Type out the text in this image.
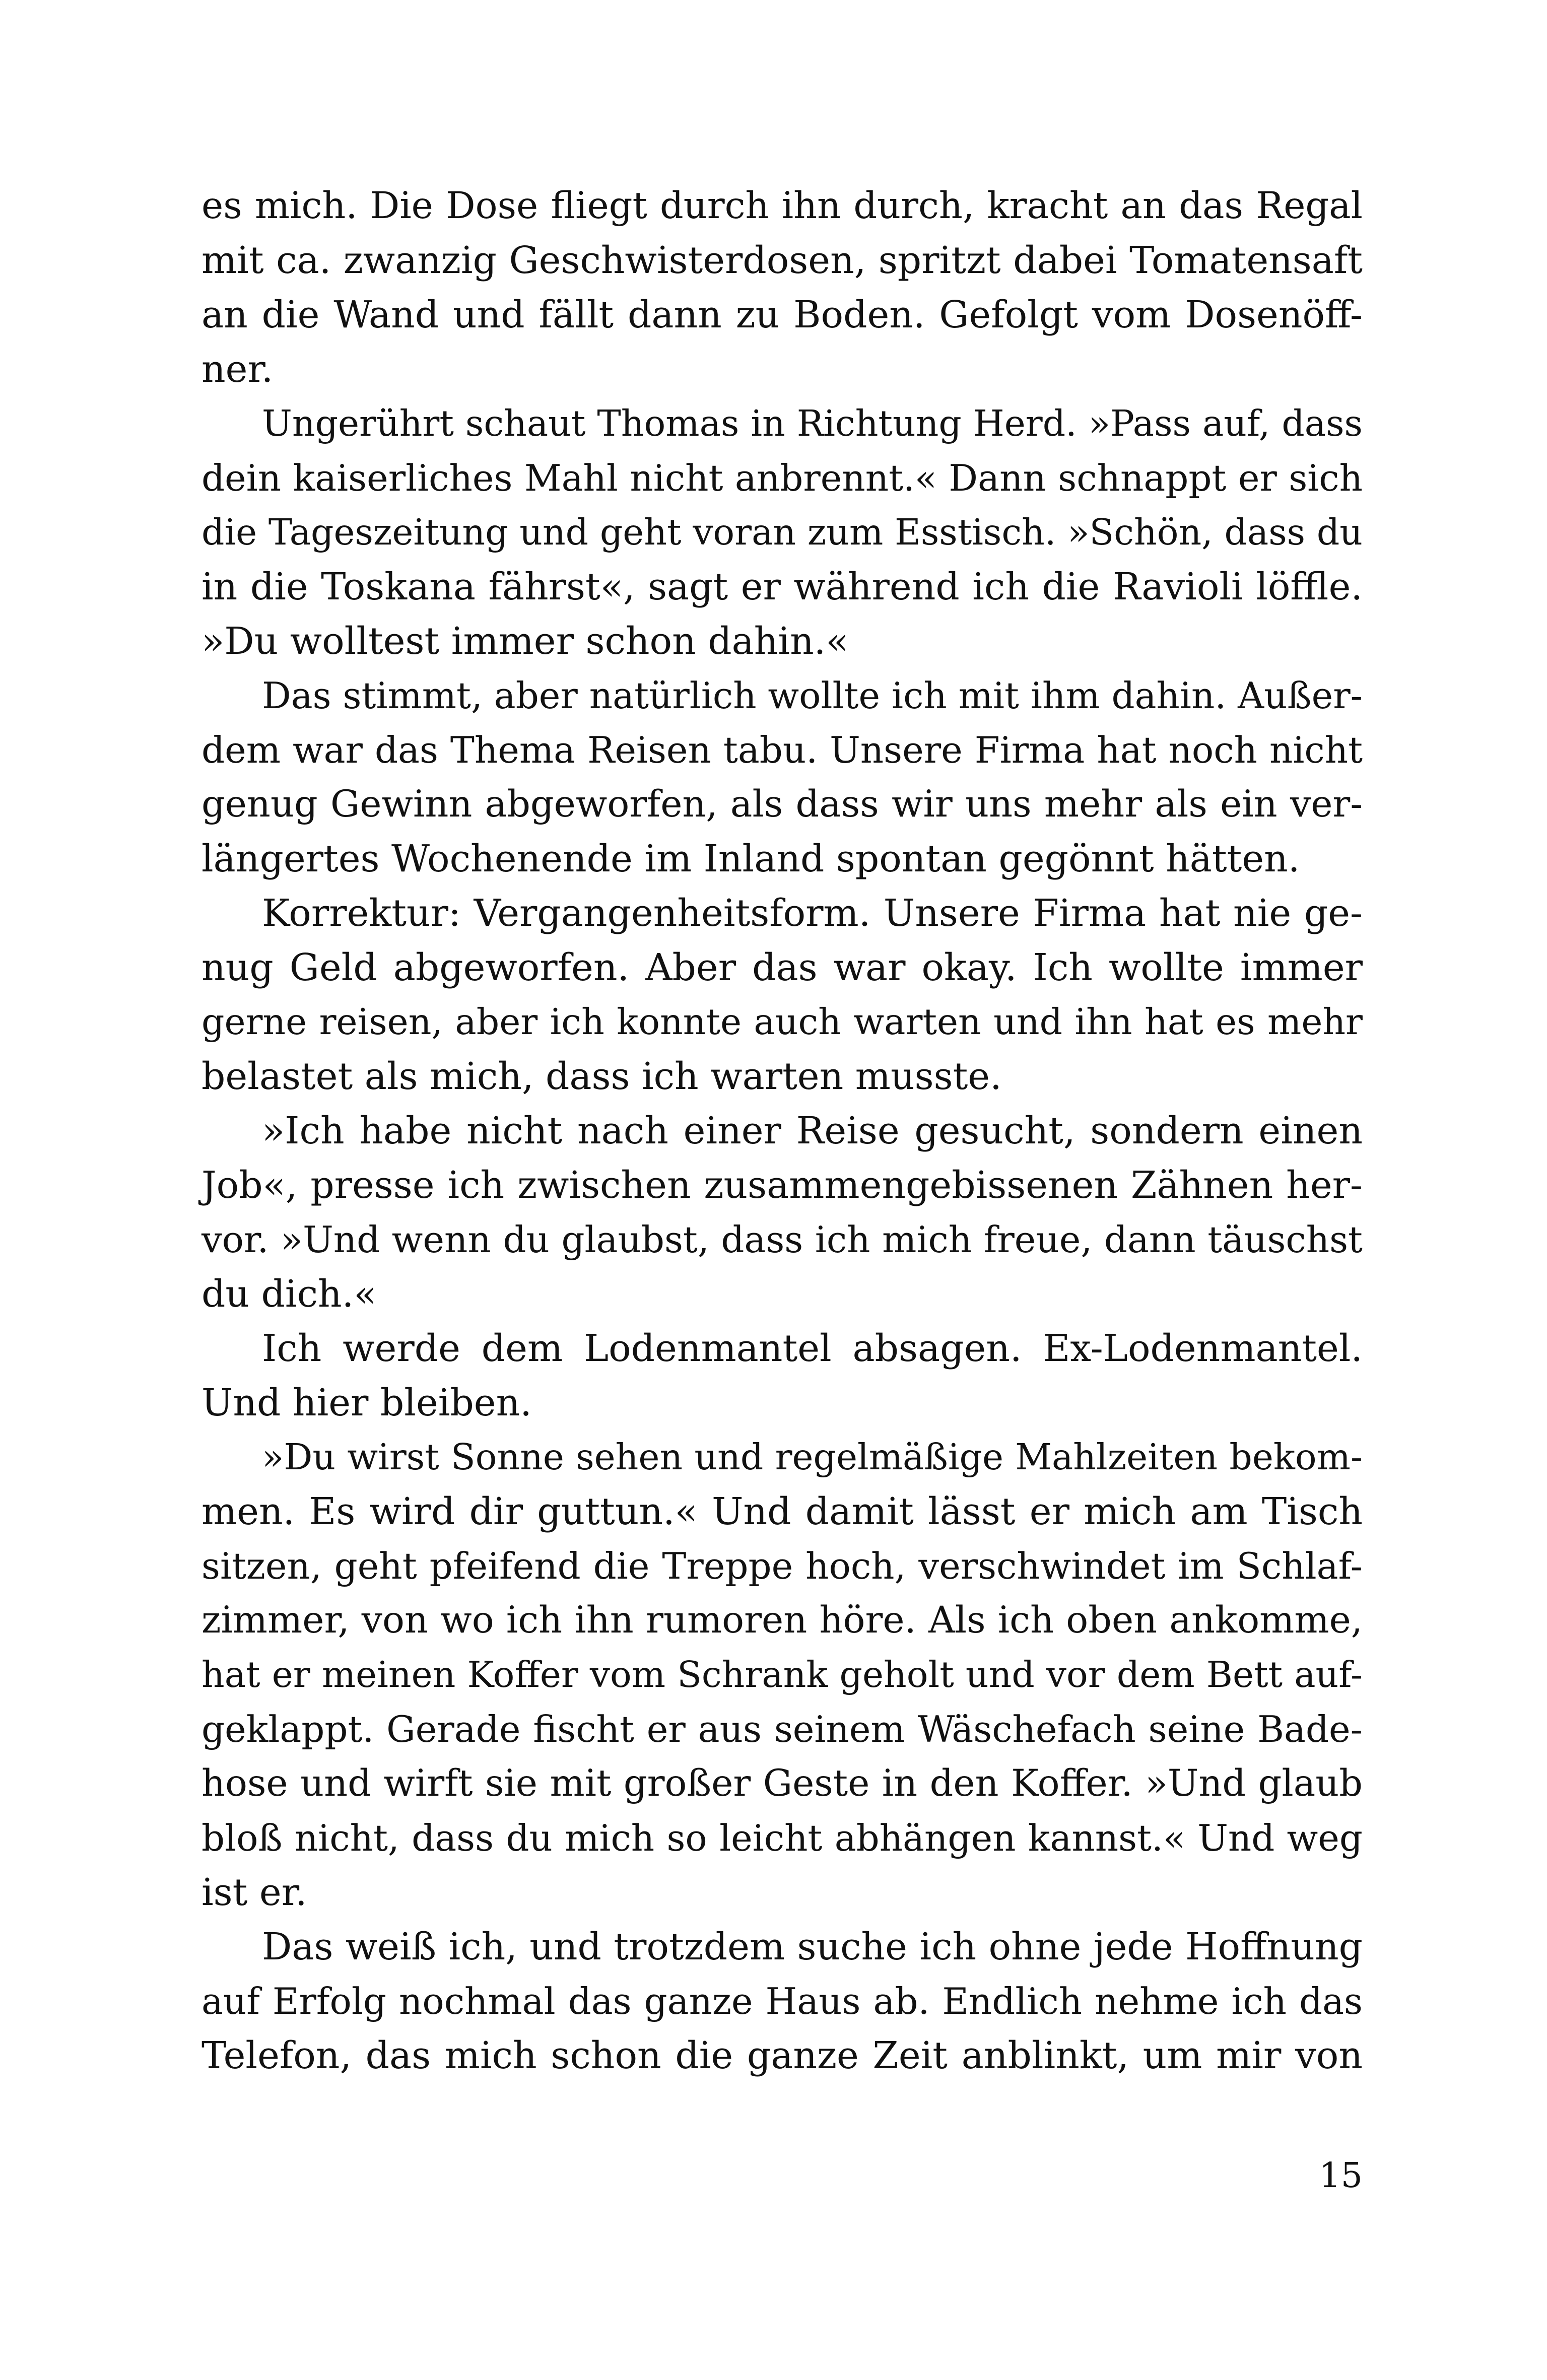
es mich. Die Dose fliegt durch ihn durch, kracht an das Regal
mit ca. zwanzig Geschwisterdosen, spritzt dabei Tomatensaft
an die Wand und fällt dann zu Boden. Gefolgt vom Dosenöff-
ner.
Ungerührt schaut Thomas in Richtung Herd. »Pass auf, dass
dein kaiserliches Mahl nicht anbrennt.« Dann schnappt er sich
die Tageszeitung und geht voran zum Esstisch. »Schön, dass du
in die Toskana fährst«, sagt er während ich die Ravioli löffle.
»Du wolltest immer schon dahin.«
Das stimmt, aber natürlich wollte ich mit ihm dahin. Außer-
dem war das Thema Reisen tabu. Unsere Firma hat noch nicht
genug Gewinn abgeworfen, als dass wir uns mehr als ein ver-
längertes Wochenende im Inland spontan gegönnt hätten.
Korrektur: Vergangenheitsform. Unsere Firma hat nie ge-
nug Geld abgeworfen. Aber das war okay. Ich wollte immer
gerne reisen, aber ich konnte auch warten und ihn hat es mehr
belastet als mich, dass ich warten musste.
»Ich habe nicht nach einer Reise gesucht, sondern einen
Job«, presse ich zwischen zusammengebissenen Zähnen her-
vor. »Und wenn du glaubst, dass ich mich freue, dann täuschst
du dich.«
Ich werde dem Lodenmantel absagen. Ex-Lodenmantel.
Und hier bleiben.
»Du wirst Sonne sehen und regelmäßige Mahlzeiten bekom-
men. Es wird dir guttun.« Und damit lässt er mich am Tisch
sitzen, geht pfeifend die Treppe hoch, verschwindet im Schlaf-
zimmer, von wo ich ihn rumoren höre. Als ich oben ankomme,
hat er meinen Koffer vom Schrank geholt und vor dem Bett auf-
geklappt. Gerade fischt er aus seinem Wäschefach seine Bade-
hose und wirft sie mit großer Geste in den Koffer. »Und glaub
bloß nicht, dass du mich so leicht abhängen kannst.« Und weg
ist er.
Das weiß ich, und trotzdem suche ich ohne jede Hoffnung
auf Erfolg nochmal das ganze Haus ab. Endlich nehme ich das
Telefon, das mich schon die ganze Zeit anblinkt, um mir von
15
